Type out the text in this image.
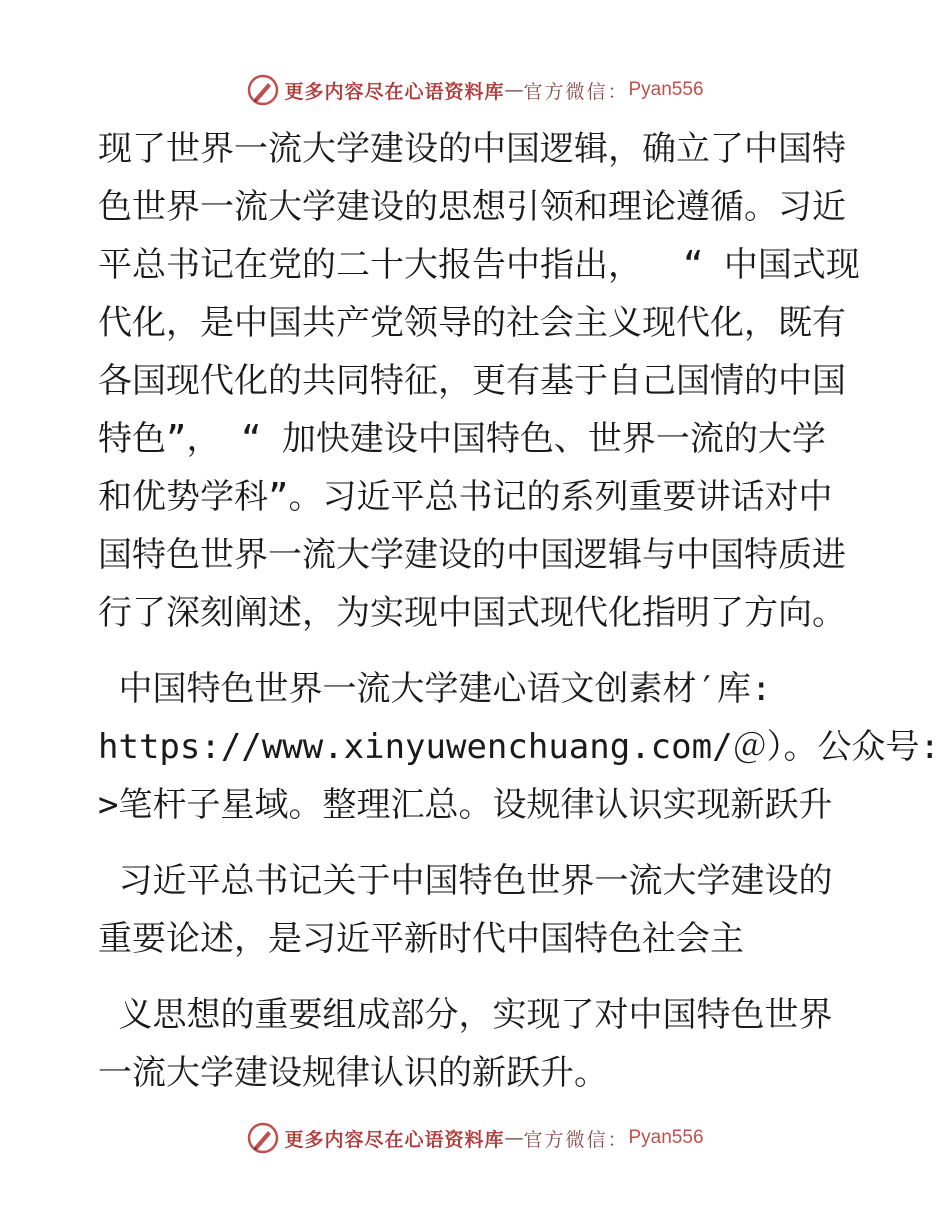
更多内容尽在心语资料库 — 官方微信： Pyan556

现了世界一流大学建设的中国逻辑，确立了中国特
色世界一流大学建设的思想引领和理论遵循。习近
平总书记在党的二十大报告中指出，  “ 中国式现
代化，是中国共产党领导的社会主义现代化，既有
各国现代化的共同特征，更有基于自己国情的中国
特色”， “ 加快建设中国特色、世界一流的大学
和优势学科”。习近平总书记的系列重要讲话对中
国特色世界一流大学建设的中国逻辑与中国特质进
行了深刻阐述，为实现中国式现代化指明了方向。

中国特色世界一流大学建心语文创素材′库:
https://www.xinyuwenchuang.com/＠）。公众号:
>笔杆子星域。整理汇总。设规律认识实现新跃升

习近平总书记关于中国特色世界一流大学建设的
重要论述，是习近平新时代中国特色社会主

义思想的重要组成部分，实现了对中国特色世界
一流大学建设规律认识的新跃升。

更多内容尽在心语资料库 — 官方微信： Pyan556
